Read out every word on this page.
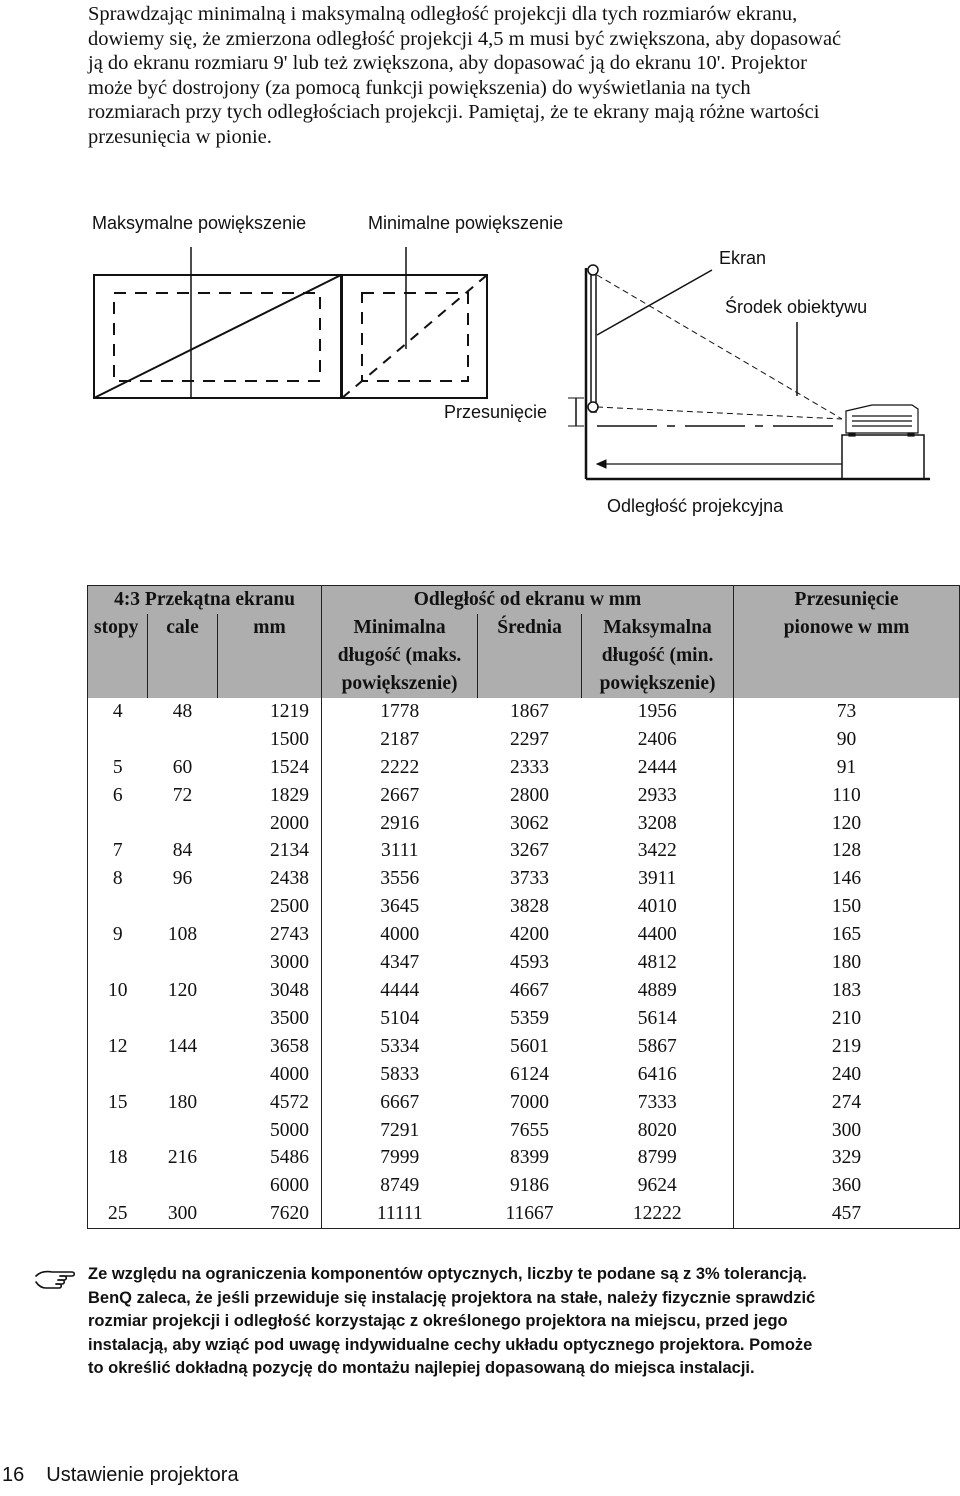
Sprawdzając minimalną i maksymalną odległość projekcji dla tych rozmiarów ekranu,
dowiemy się, że zmierzona odległość projekcji 4,5 m musi być zwiększona, aby dopasować
ją do ekranu rozmiaru 9' lub też zwiększona, aby dopasować ją do ekranu 10'. Projektor
może być dostrojony (za pomocą funkcji powiększenia) do wyświetlania na tych
rozmiarach przy tych odległościach projekcji. Pamiętaj, że te ekrany mają różne wartości
przesunięcia w pionie.

Maksymalne powiększenie	Minimalne powiększenie
Ekran
Środek obiektywu
Przesunięcie
Odległość projekcyjna
4:3 Przekątna ekranu			Odległość od ekranu w mm			Przesunięcie
stopy	cale	mm	Minimalna	Średnia	Maksymalna	pionowe w mm
			długość (maks.		długość (min.	
			powiększenie)		powiększenie)	
4	48	1219	1778	1867	1956	73
		1500	2187	2297	2406	90
5	60	1524	2222	2333	2444	91
6	72	1829	2667	2800	2933	110
		2000	2916	3062	3208	120
7	84	2134	3111	3267	3422	128
8	96	2438	3556	3733	3911	146
		2500	3645	3828	4010	150
9	108	2743	4000	4200	4400	165
		3000	4347	4593	4812	180
10	120	3048	4444	4667	4889	183
		3500	5104	5359	5614	210
12	144	3658	5334	5601	5867	219
		4000	5833	6124	6416	240
15	180	4572	6667	7000	7333	274
		5000	7291	7655	8020	300
18	216	5486	7999	8399	8799	329
		6000	8749	9186	9624	360
25	300	7620	11111	11667	12222	457

Ze względu na ograniczenia komponentów optycznych, liczby te podane są z 3% tolerancją.
BenQ zaleca, że jeśli przewiduje się instalację projektora na stałe, należy fizycznie sprawdzić
rozmiar projekcji i odległość korzystając z określonego projektora na miejscu, przed jego
instalacją, aby wziąć pod uwagę indywidualne cechy układu optycznego projektora. Pomoże
to określić dokładną pozycję do montażu najlepiej dopasowaną do miejsca instalacji.

16 Ustawienie projektora
